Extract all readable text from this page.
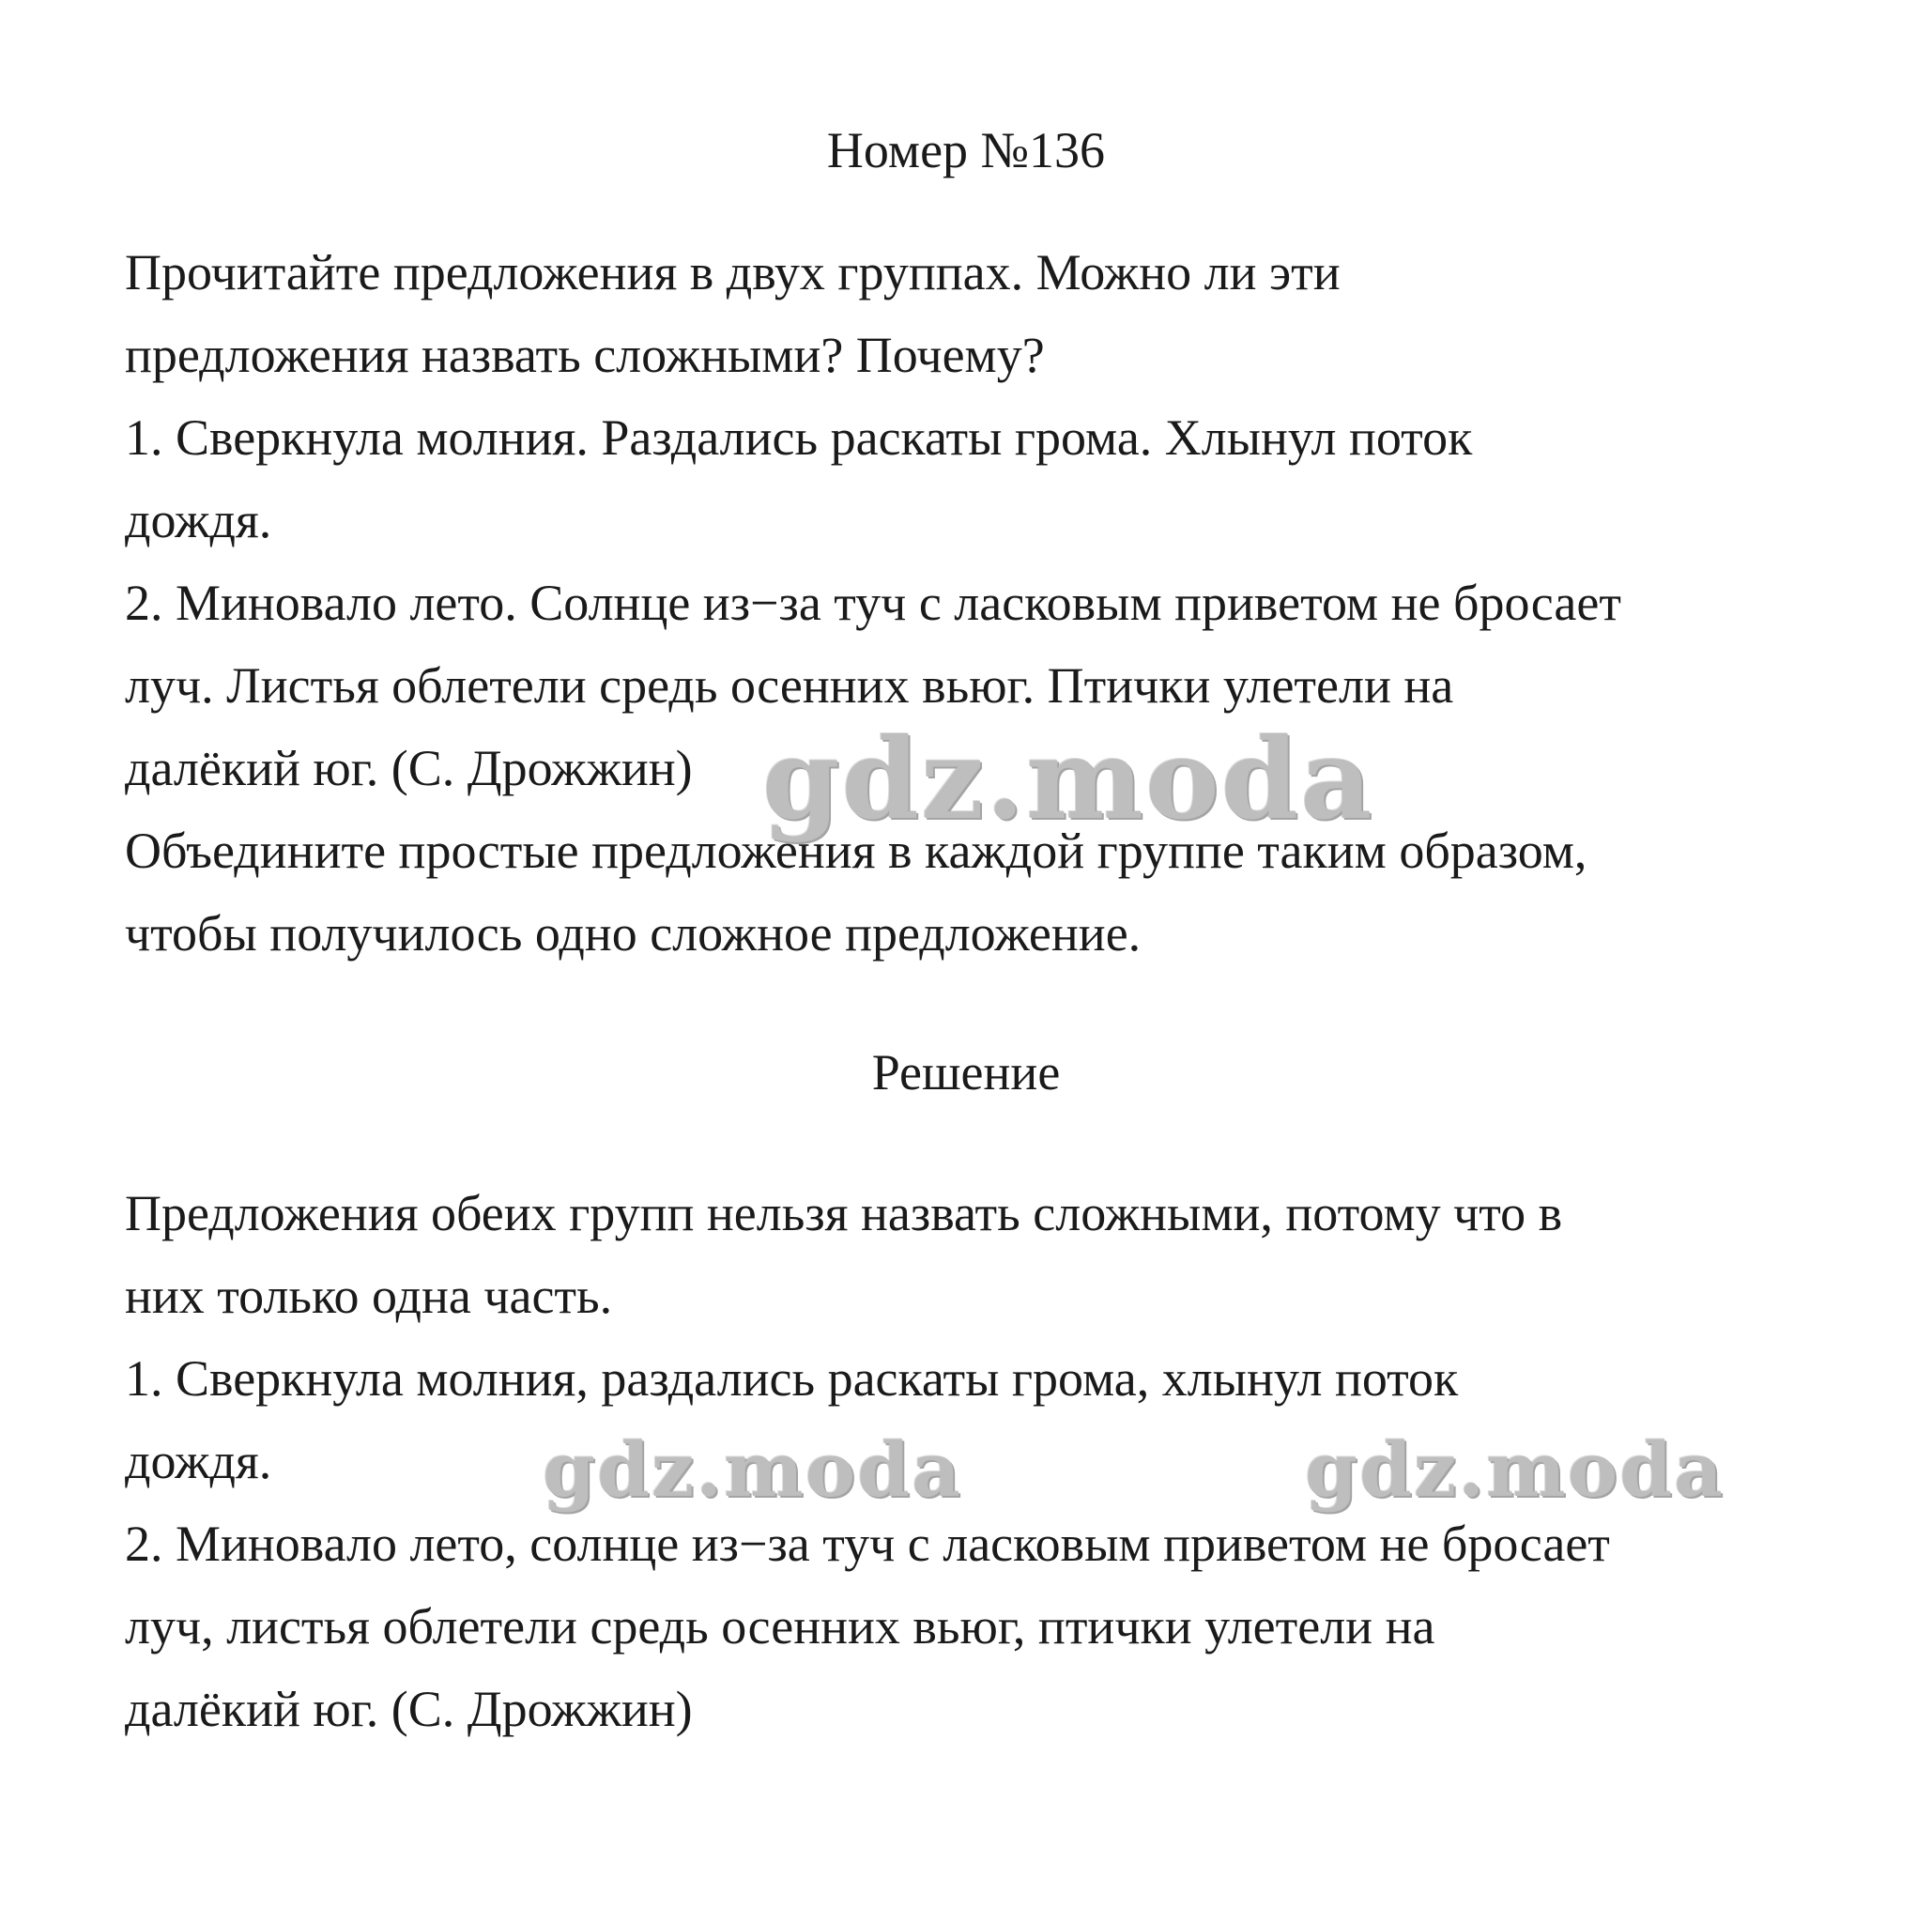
Номер №136
Прочитайте предложения в двух группах. Можно ли эти
предложения назвать сложными? Почему?
1. Сверкнула молния. Раздались раскаты грома. Хлынул поток
дождя.
2. Миновало лето. Солнце из−за туч с ласковым приветом не бросает
луч. Листья облетели средь осенних вьюг. Птички улетели на
далёкий юг. (С. Дрожжин)
Объедините простые предложения в каждой группе таким образом,
чтобы получилось одно сложное предложение.
Решение
Предложения обеих групп нельзя назвать сложными, потому что в
них только одна часть.
1. Сверкнула молния, раздались раскаты грома, хлынул поток
дождя.
2. Миновало лето, солнце из−за туч с ласковым приветом не бросает
луч, листья облетели средь осенних вьюг, птички улетели на
далёкий юг. (С. Дрожжин)
gdz.moda
gdz.moda	gdz.moda
